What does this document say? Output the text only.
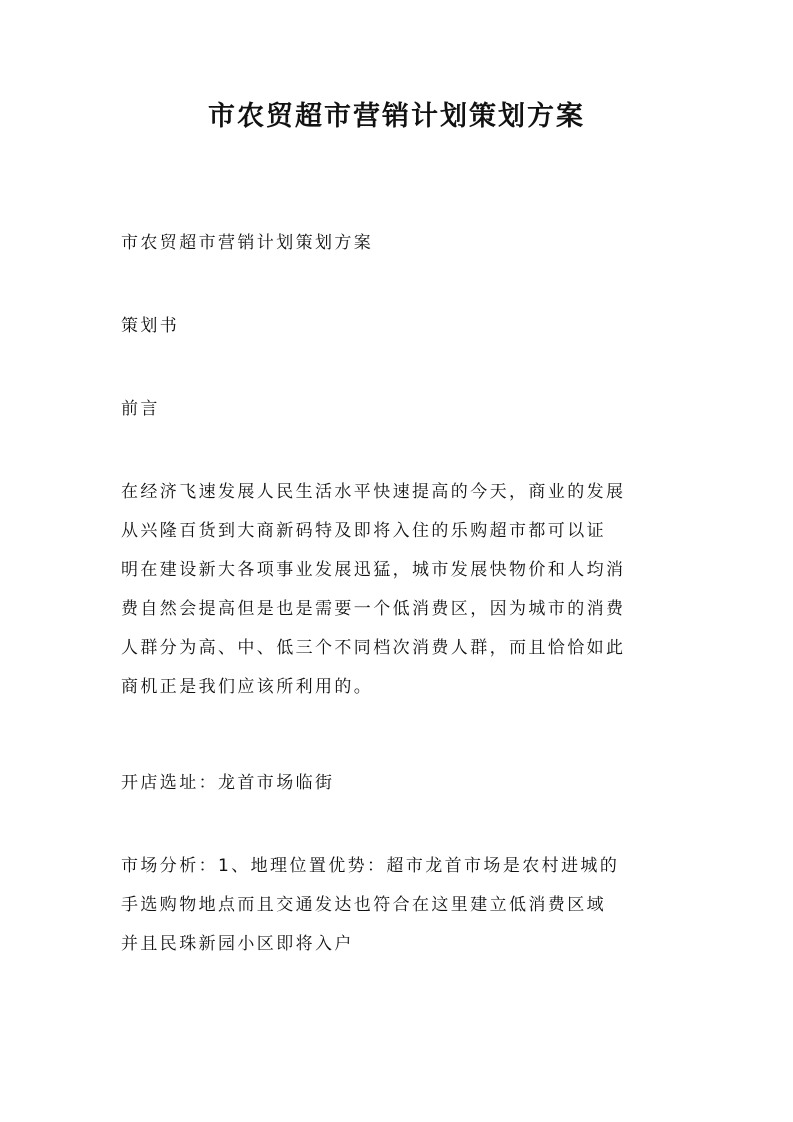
市农贸超市营销计划策划方案
市农贸超市营销计划策划方案
策划书
前言
在经济飞速发展人民生活水平快速提高的今天，商业的发展
从兴隆百货到大商新码特及即将入住的乐购超市都可以证
明在建设新大各项事业发展迅猛，城市发展快物价和人均消
费自然会提高但是也是需要一个低消费区，因为城市的消费
人群分为高、中、低三个不同档次消费人群，而且恰恰如此
商机正是我们应该所利用的。
开店选址：龙首市场临街
市场分析：1、地理位置优势：超市龙首市场是农村进城的
手选购物地点而且交通发达也符合在这里建立低消费区域
并且民珠新园小区即将入户
